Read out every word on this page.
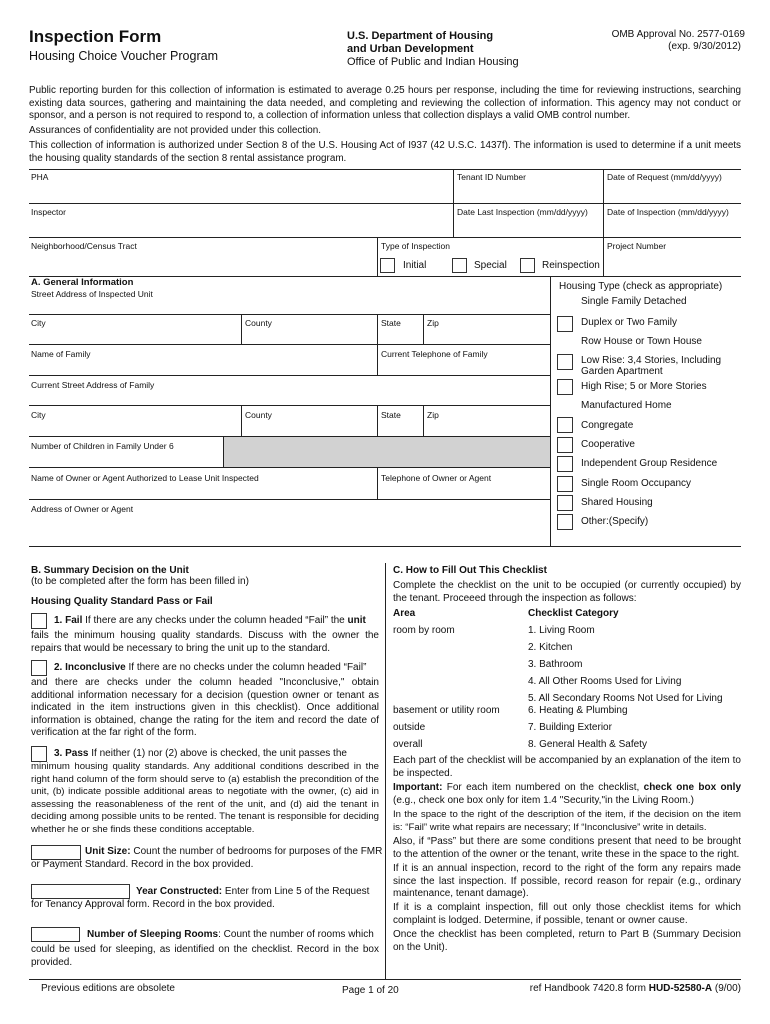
Inspection Form
Housing Choice Voucher Program
U.S. Department of Housing
and Urban Development
Office of Public and Indian Housing
OMB Approval No. 2577-0169
(exp. 9/30/2012)
Public reporting burden for this collection of information is estimated to average 0.25 hours per response, including the time for reviewing instructions, searching existing data sources, gathering and maintaining the data needed, and completing and reviewing the collection of information. This agency may not conduct or sponsor, and a person is not required to respond to, a collection of information unless that collection displays a valid OMB control number.
Assurances of confidentiality are not provided under this collection.
This collection of information is authorized under Section 8 of the U.S. Housing Act of I937 (42 U.S.C. 1437f). The information is used to determine if a unit meets the housing quality standards of the section 8 rental assistance program.
PHA	Tenant ID Number	Date of Request (mm/dd/yyyy)
Inspector	Date Last Inspection (mm/dd/yyyy) Date of Inspection (mm/dd/yyyy)
Neighborhood/Census Tract	Type of Inspection	Project Number
Initial	Special	Reinspection
A. General Information
Street Address of Inspected Unit
City	County	State	Zip
Name of Family	Current Telephone of Family
Current Street Address of Family
City	County	State	Zip
Number of Children in Family Under 6
Name of Owner or Agent Authorized to Lease Unit Inspected	Telephone of Owner or Agent
Address of Owner or Agent
Housing Type (check as appropriate)
Single Family Detached
Duplex or Two Family
Row House or Town House
Low Rise: 3,4 Stories, Including
Garden Apartment
High Rise; 5 or More Stories
Manufactured Home
Congregate
Cooperative
Independent Group Residence
Single Room Occupancy
Shared Housing
Other:(Specify)
B. Summary Decision on the Unit
(to be completed after the form has been filled in)
Housing Quality Standard Pass or Fail
1. Fail If there are any checks under the column headed “Fail” the unit
fails the minimum housing quality standards. Discuss with the owner the repairs that would be necessary to bring the unit up to the standard.
2. Inconclusive If there are no checks under the column headed “Fail”
and there are checks under the column headed "Inconclusive," obtain additional information necessary for a decision (question owner or tenant as indicated in the item instructions given in this checklist). Once additional information is obtained, change the rating for the item and record the date of verification at the far right of the form.
3. Pass If neither (1) nor (2) above is checked, the unit passes the
minimum housing quality standards. Any additional conditions described in the right hand column of the form should serve to (a) establish the precondition of the unit, (b) indicate possible additional areas to negotiate with the owner, (c) aid in assessing the reasonableness of the rent of the unit, and (d) aid the tenant in deciding among possible units to be rented. The tenant is responsible for deciding whether he or she finds these conditions acceptable.
Unit Size: Count the number of bedrooms for purposes of the FMR
or Payment Standard. Record in the box provided.
Year Constructed: Enter from Line 5 of the Request
for Tenancy Approval form. Record in the box provided.
Number of Sleeping Rooms: Count the number of rooms which
could be used for sleeping, as identified on the checklist. Record in the box provided.
C. How to Fill Out This Checklist
Complete the checklist on the unit to be occupied (or currently occupied) by the tenant. Proceeed through the inspection as follows:
Area	Checklist Category
room by room	1. Living Room
2. Kitchen
3. Bathroom
4. All Other Rooms Used for Living
5. All Secondary Rooms Not Used for Living
basement or utility room	6. Heating & Plumbing
outside	7. Building Exterior
overall	8. General Health & Safety
Each part of the checklist will be accompanied by an explanation of the item to be inspected.
Important: For each item numbered on the checklist, check one box only (e.g., check one box only for item 1.4 "Security,"in the Living Room.)
In the space to the right of the description of the item, if the decision on the item is: “Fail” write what repairs are necessary; If “Inconclusive” write in details.
Also, if “Pass” but there are some conditions present that need to be brought to the attention of the owner or the tenant, write these in the space to the right.
If it is an annual inspection, record to the right of the form any repairs made since the last inspection. If possible, record reason for repair (e.g., ordinary maintenance, tenant damage).
If it is a complaint inspection, fill out only those checklist items for which complaint is lodged. Determine, if possible, tenant or owner cause.
Once the checklist has been completed, return to Part B (Summary Decision on the Unit).
Previous editions are obsolete	Page 1 of 20	ref Handbook 7420.8 form HUD-52580-A (9/00)
